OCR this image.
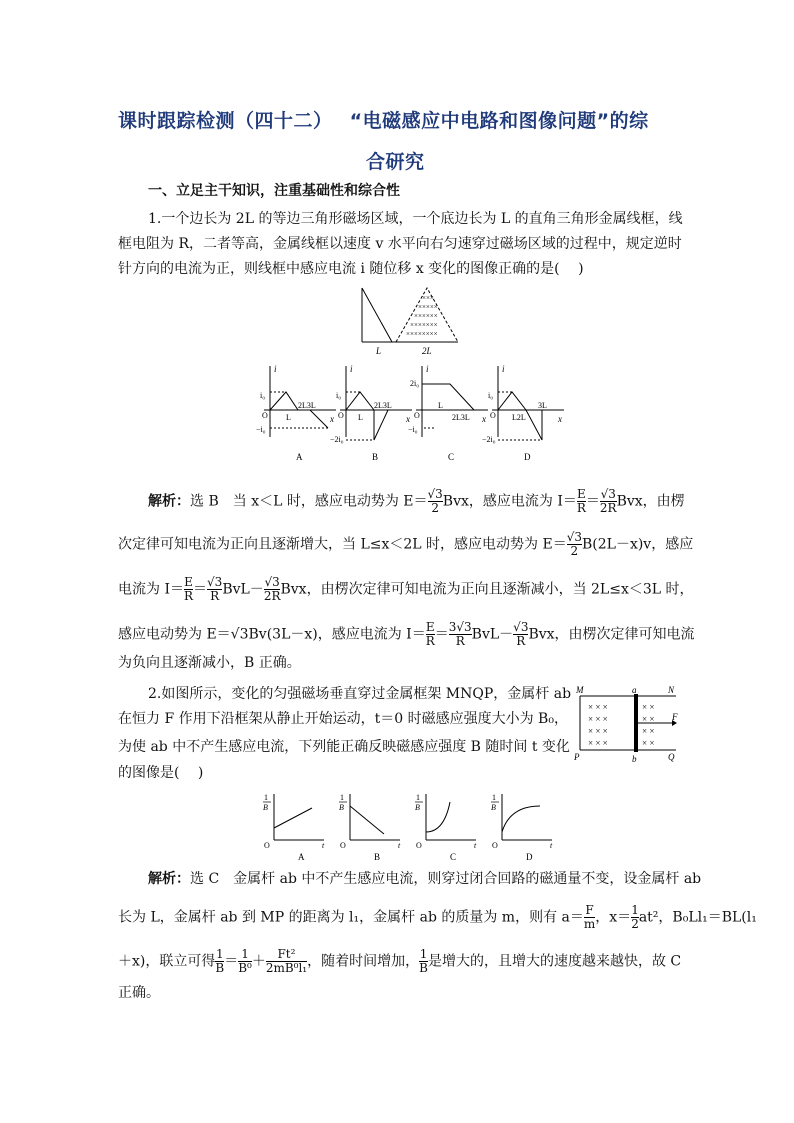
课时跟踪检测（四十二）　 “电磁感应中电路和图像问题”的综
合研究
一、立足主干知识，注重基础性和综合性
1.一个边长为 2L 的等边三角形磁场区域，一个底边长为 L 的直角三角形金属线框，线
框电阻为 R，二者等高，金属线框以速度 v 水平向右匀速穿过磁场区域的过程中，规定逆时
针方向的电流为正，则线框中感应电流 i 随位移 x 变化的图像正确的是(　 )
×××
×××××
××××××
×××××××
××××××××
L	2L
i
x
i₀
O
−i₀
L
2L3L
A
i
x
i₀
O
−2i₀
L
2L3L
B
i
x
2i₀
O
−i₀
L
2L3L
C
i
x
i₀
O
−2i₀
L2L
3L
D
解析：选 B　当 x＜L 时，感应电动势为 $E= \frac{√3}{2}$ Bvx，感应电流为 $I= \frac{E}{R} = \frac{√3}{2R}$ Bvx，由楞
次定律可知电流为正向且逐渐增大，当 L≤x＜2L 时，感应电动势为 $E= \frac{√3}{2} B(2L-x)v$，感应
电流为 $I= \frac{E}{R} = \frac{√3}{R} BvL- \frac{√3}{2R}$ Bvx，由楞次定律可知电流为正向且逐渐减小，当 2L≤x＜3L 时，
感应电动势为 E＝√3Bv(3L－x)，感应电流为 $I= \frac{E}{R} = \frac{3√3}{R} BvL- \frac{√3}{R}$ Bvx，由楞次定律可知电流
为负向且逐渐减小，B 正确。
2.如图所示，变化的匀强磁场垂直穿过金属框架 MNQP，金属杆 ab
在恒力 F 作用下沿框架从静止开始运动，t＝0 时磁感应强度大小为 B₀，
为使 ab 中不产生感应电流，下列能正确反映磁感应强度 B 随时间 t 变化
的图像是(　 )
× × ×	× ×
× × ×	× ×
× × ×	× ×
× × ×	× ×
M	a	N
F
P	b	Q
1
B
O	t
A
1
B
O	t
B
1
B
O	t
C
1
B
O	t
D
解析：选 C　金属杆 ab 中不产生感应电流，则穿过闭合回路的磁通量不变，设金属杆 ab
长为 L，金属杆 ab 到 MP 的距离为 l₁，金属杆 ab 的质量为 m，则有 $a= \frac{F}{m}$ ，$x= \frac{1}{2} at^2$，B₀Ll₁＝BL(l₁
＋x)，联立可得 $\frac{1}{B} = \frac{1}{\text{B⁰}} + \frac{\text{Ft²}}{\text{2mB⁰l₁}}$ ，随着时间增加， $\frac{1}{B}$ 是增大的，且增大的速度越来越快，故 C
正确。
